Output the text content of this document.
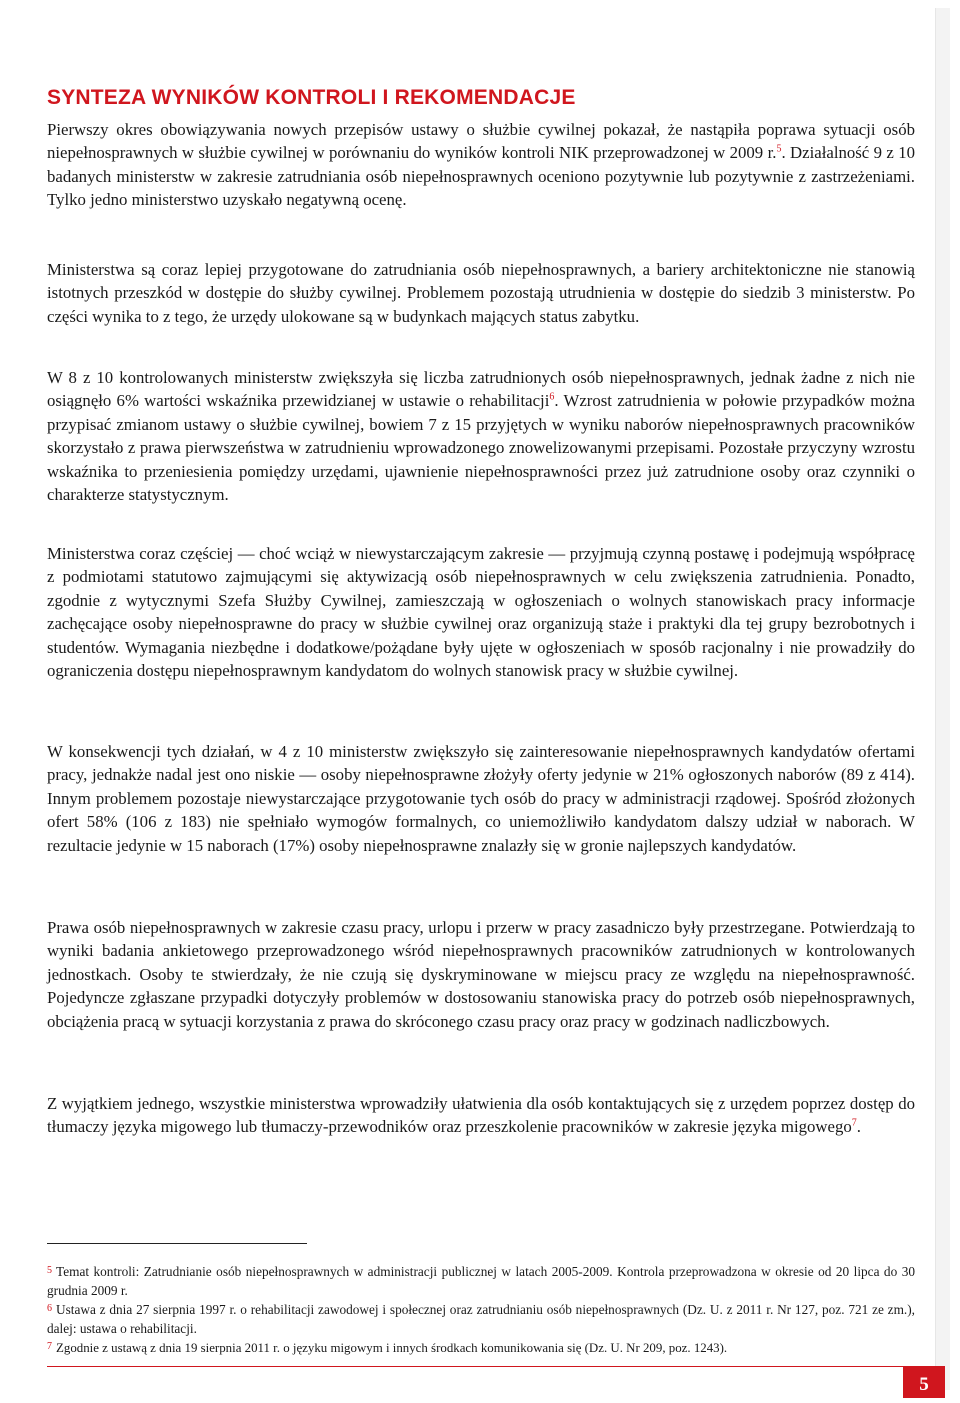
SYNTEZA WYNIKÓW KONTROLI I REKOMENDACJE

Pierwszy okres obowiązywania nowych przepisów ustawy o służbie cywilnej pokazał, że nastąpiła poprawa sytuacji osób niepełnosprawnych w służbie cywilnej w porównaniu do wyników kontroli NIK przeprowadzonej w 2009 r.$^5$. Działalność 9 z 10 badanych ministerstw w zakresie zatrudniania osób niepełnosprawnych oceniono pozytywnie lub pozytywnie z zastrzeżeniami. Tylko jedno ministerstwo uzyskało negatywną ocenę.

Ministerstwa są coraz lepiej przygotowane do zatrudniania osób niepełnosprawnych, a bariery architektoniczne nie stanowią istotnych przeszkód w dostępie do służby cywilnej. Problemem pozostają utrudnienia w dostępie do siedzib 3 ministerstw. Po części wynika to z tego, że urzędy ulokowane są w budynkach mających status zabytku.

W 8 z 10 kontrolowanych ministerstw zwiększyła się liczba zatrudnionych osób niepełnosprawnych, jednak żadne z nich nie osiągnęło 6% wartości wskaźnika przewidzianej w ustawie o rehabilitacji$^6$. Wzrost zatrudnienia w połowie przypadków można przypisać zmianom ustawy o służbie cywilnej, bowiem 7 z 15 przyjętych w wyniku naborów niepełnosprawnych pracowników skorzystało z prawa pierwszeństwa w zatrudnieniu wprowadzonego znowelizowanymi przepisami. Pozostałe przyczyny wzrostu wskaźnika to przeniesienia pomiędzy urzędami, ujawnienie niepełnosprawności przez już zatrudnione osoby oraz czynniki o charakterze statystycznym.

Ministerstwa coraz częściej — choć wciąż w niewystarczającym zakresie — przyjmują czynną postawę i podejmują współpracę z podmiotami statutowo zajmującymi się aktywizacją osób niepełnosprawnych w celu zwiększenia zatrudnienia. Ponadto, zgodnie z wytycznymi Szefa Służby Cywilnej, zamieszczają w ogłoszeniach o wolnych stanowiskach pracy informacje zachęcające osoby niepełnosprawne do pracy w służbie cywilnej oraz organizują staże i praktyki dla tej grupy bezrobotnych i studentów. Wymagania niezbędne i dodatkowe/pożądane były ujęte w ogłoszeniach w sposób racjonalny i nie prowadziły do ograniczenia dostępu niepełnosprawnym kandydatom do wolnych stanowisk pracy w służbie cywilnej.

W konsekwencji tych działań, w 4 z 10 ministerstw zwiększyło się zainteresowanie niepełnosprawnych kandydatów ofertami pracy, jednakże nadal jest ono niskie — osoby niepełnosprawne złożyły oferty jedynie w 21% ogłoszonych naborów (89 z 414). Innym problemem pozostaje niewystarczające przygotowanie tych osób do pracy w administracji rządowej. Spośród złożonych ofert 58% (106 z 183) nie spełniało wymogów formalnych, co uniemożliwiło kandydatom dalszy udział w naborach. W rezultacie jedynie w 15 naborach (17%) osoby niepełnosprawne znalazły się w gronie najlepszych kandydatów.

Prawa osób niepełnosprawnych w zakresie czasu pracy, urlopu i przerw w pracy zasadniczo były przestrzegane. Potwierdzają to wyniki badania ankietowego przeprowadzonego wśród niepełnosprawnych pracowników zatrudnionych w kontrolowanych jednostkach. Osoby te stwierdzały, że nie czują się dyskryminowane w miejscu pracy ze względu na niepełnosprawność. Pojedyncze zgłaszane przypadki dotyczyły problemów w dostosowaniu stanowiska pracy do potrzeb osób niepełnosprawnych, obciążenia pracą w sytuacji korzystania z prawa do skróconego czasu pracy oraz pracy w godzinach nadliczbowych.

Z wyjątkiem jednego, wszystkie ministerstwa wprowadziły ułatwienia dla osób kontaktujących się z urzędem poprzez dostęp do tłumaczy języka migowego lub tłumaczy-przewodników oraz przeszkolenie pracowników w zakresie języka migowego$^7$.

$^5$ Temat kontroli: Zatrudnianie osób niepełnosprawnych w administracji publicznej w latach 2005-2009. Kontrola przeprowadzona w okresie od 20 lipca do 30 grudnia 2009 r.

$^6$ Ustawa z dnia 27 sierpnia 1997 r. o rehabilitacji zawodowej i społecznej oraz zatrudnianiu osób niepełnosprawnych (Dz. U. z 2011 r. Nr 127, poz. 721 ze zm.), dalej: ustawa o rehabilitacji.

$^7$ Zgodnie z ustawą z dnia 19 sierpnia 2011 r. o języku migowym i innych środkach komunikowania się (Dz. U. Nr 209, poz. 1243).

5
